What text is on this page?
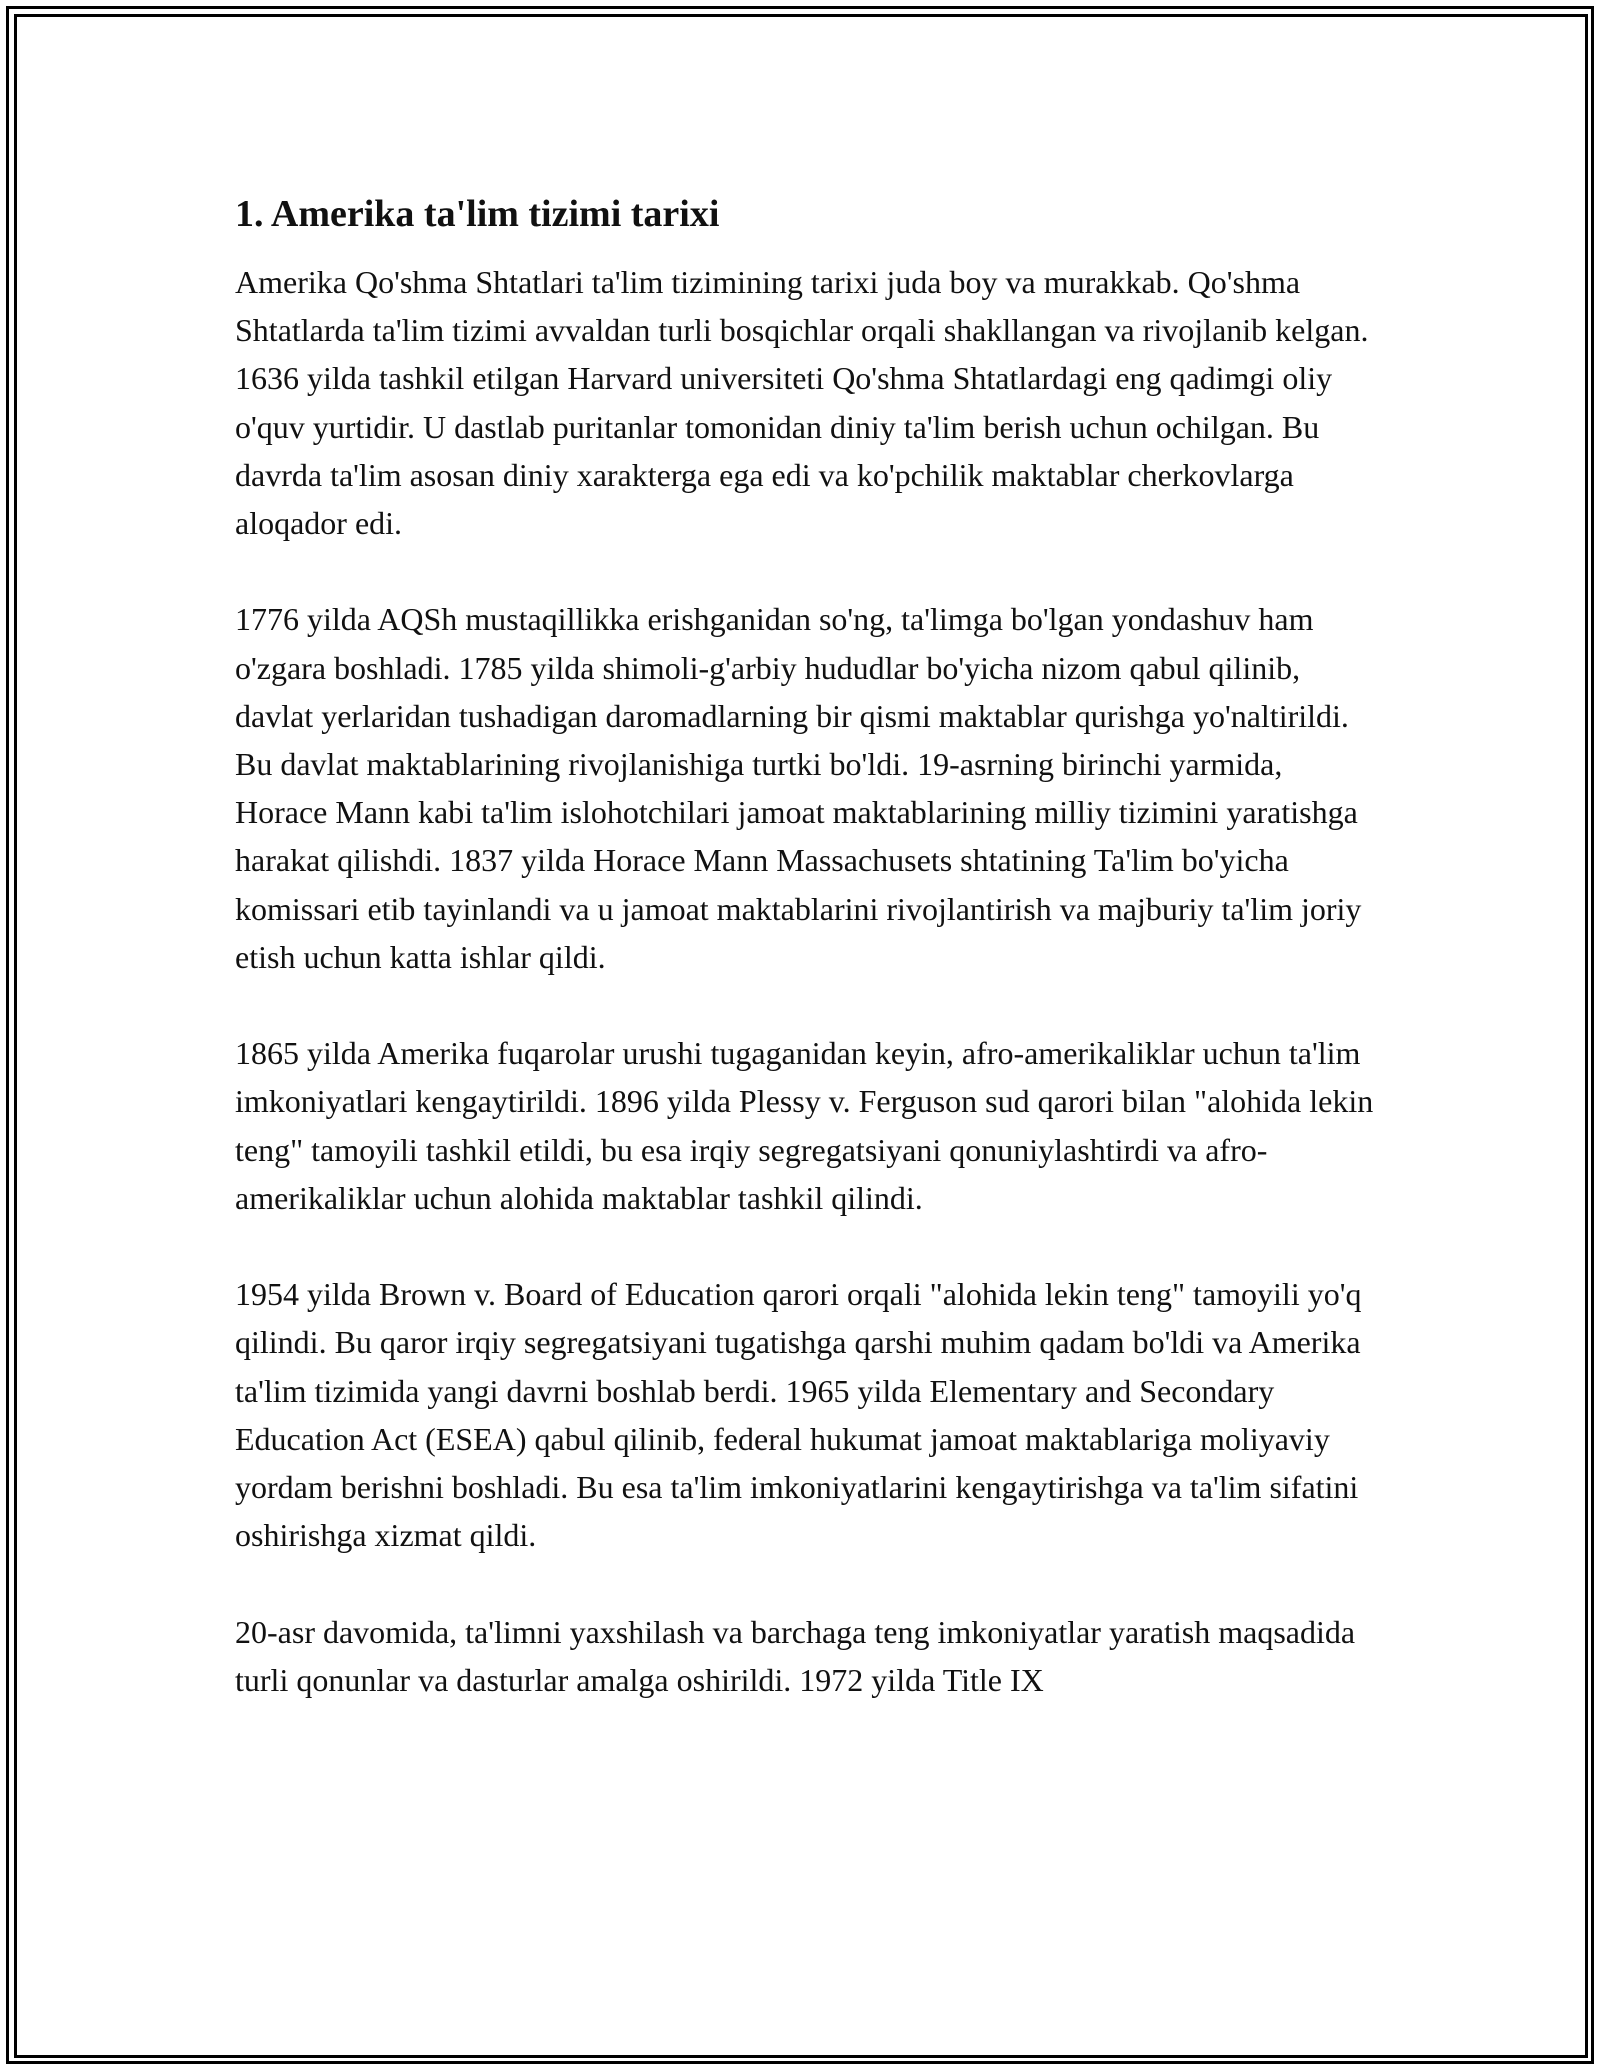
1. Amerika ta'lim tizimi tarixi

Amerika Qo'shma Shtatlari ta'lim tizimining tarixi juda boy va murakkab. Qo'shma Shtatlarda ta'lim tizimi avvaldan turli bosqichlar orqali shakllangan va rivojlanib kelgan. 1636 yilda tashkil etilgan Harvard universiteti Qo'shma Shtatlardagi eng qadimgi oliy o'quv yurtidir. U dastlab puritanlar tomonidan diniy ta'lim berish uchun ochilgan. Bu davrda ta'lim asosan diniy xarakterga ega edi va ko'pchilik maktablar cherkovlarga aloqador edi.

1776 yilda AQSh mustaqillikka erishganidan so'ng, ta'limga bo'lgan yondashuv ham o'zgara boshladi. 1785 yilda shimoli-g'arbiy hududlar bo'yicha nizom qabul qilinib, davlat yerlaridan tushadigan daromadlarning bir qismi maktablar qurishga yo'naltirildi. Bu davlat maktablarining rivojlanishiga turtki bo'ldi. 19-asrning birinchi yarmida, Horace Mann kabi ta'lim islohotchilari jamoat maktablarining milliy tizimini yaratishga harakat qilishdi. 1837 yilda Horace Mann Massachusets shtatining Ta'lim bo'yicha komissari etib tayinlandi va u jamoat maktablarini rivojlantirish va majburiy ta'lim joriy etish uchun katta ishlar qildi.

1865 yilda Amerika fuqarolar urushi tugaganidan keyin, afro-amerikaliklar uchun ta'lim imkoniyatlari kengaytirildi. 1896 yilda Plessy v. Ferguson sud qarori bilan "alohida lekin teng" tamoyili tashkil etildi, bu esa irqiy segregatsiyani qonuniylashtirdi va afro-amerikaliklar uchun alohida maktablar tashkil qilindi.

1954 yilda Brown v. Board of Education qarori orqali "alohida lekin teng" tamoyili yo'q qilindi. Bu qaror irqiy segregatsiyani tugatishga qarshi muhim qadam bo'ldi va Amerika ta'lim tizimida yangi davrni boshlab berdi. 1965 yilda Elementary and Secondary Education Act (ESEA) qabul qilinib, federal hukumat jamoat maktablariga moliyaviy yordam berishni boshladi. Bu esa ta'lim imkoniyatlarini kengaytirishga va ta'lim sifatini oshirishga xizmat qildi.

20-asr davomida, ta'limni yaxshilash va barchaga teng imkoniyatlar yaratish maqsadida turli qonunlar va dasturlar amalga oshirildi. 1972 yilda Title IX
